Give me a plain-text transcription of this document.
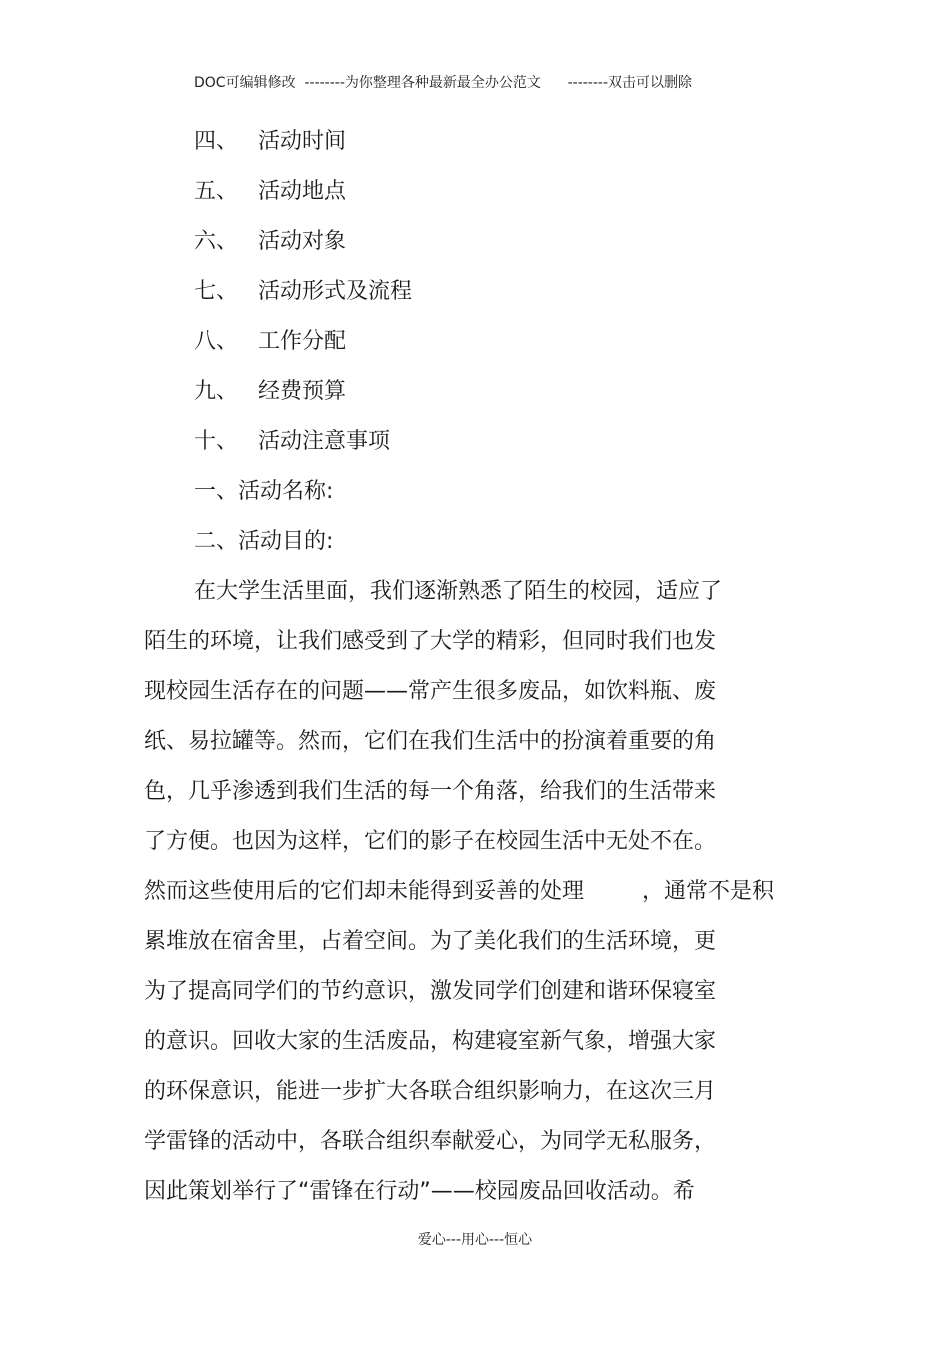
DOC可编辑修改  --------为你整理各种最新最全办公范文      --------双击可以删除
四、 活动时间
五、 活动地点
六、 活动对象
七、 活动形式及流程
八、 工作分配
九、 经费预算
十、 活动注意事项
一、活动名称:
二、活动目的:
在大学生活里面，我们逐渐熟悉了陌生的校园，适应了
陌生的环境，让我们感受到了大学的精彩，但同时我们也发
现校园生活存在的问题——常产生很多废品，如饮料瓶、废
纸、易拉罐等。然而，它们在我们生活中的扮演着重要的角
色，几乎渗透到我们生活的每一个角落，给我们的生活带来
了方便。也因为这样，它们的影子在校园生活中无处不在。
然而这些使用后的它们却未能得到妥善的处理	，通常不是积
累堆放在宿舍里，占着空间。为了美化我们的生活环境，更
为了提高同学们的节约意识，激发同学们创建和谐环保寝室
的意识。回收大家的生活废品，构建寝室新气象，增强大家
的环保意识，能进一步扩大各联合组织影响力，在这次三月
学雷锋的活动中，各联合组织奉献爱心，为同学无私服务，
因此策划举行了“雷锋在行动”——校园废品回收活动。希
爱心---用心---恒心
